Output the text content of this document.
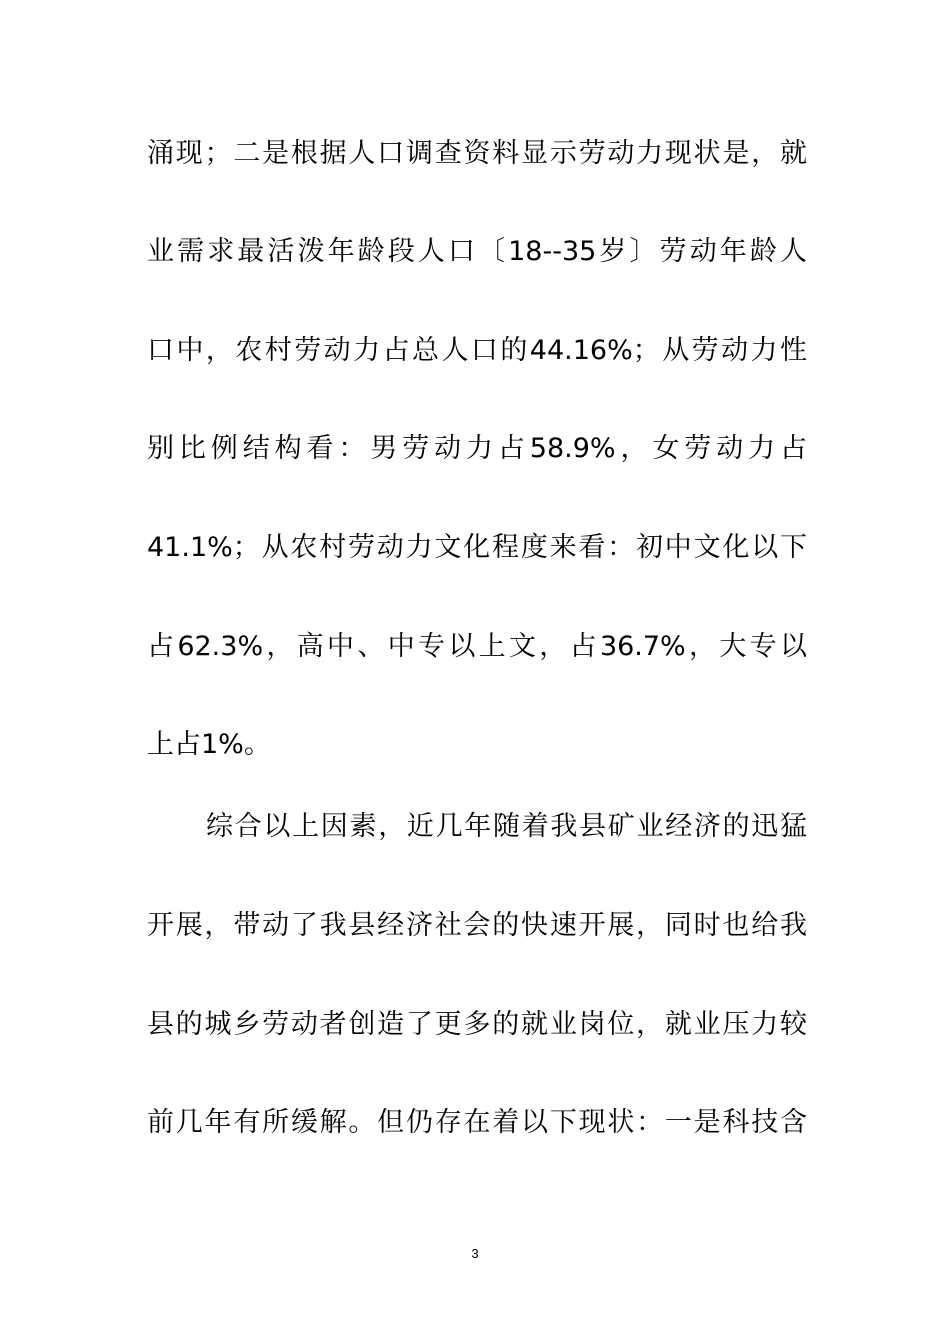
涌现；二是根据人口调查资料显示劳动力现状是，就
业需求最活泼年龄段人口〔18--35岁〕劳动年龄人
口中，农村劳动力占总人口的44.16%；从劳动力性
别比例结构看：男劳动力占58.9%，女劳动力占
41.1%；从农村劳动力文化程度来看：初中文化以下
占62.3%，高中、中专以上文，占36.7%，大专以
上占1%。
综合以上因素，近几年随着我县矿业经济的迅猛
开展，带动了我县经济社会的快速开展，同时也给我
县的城乡劳动者创造了更多的就业岗位，就业压力较
前几年有所缓解。但仍存在着以下现状：一是科技含
3
